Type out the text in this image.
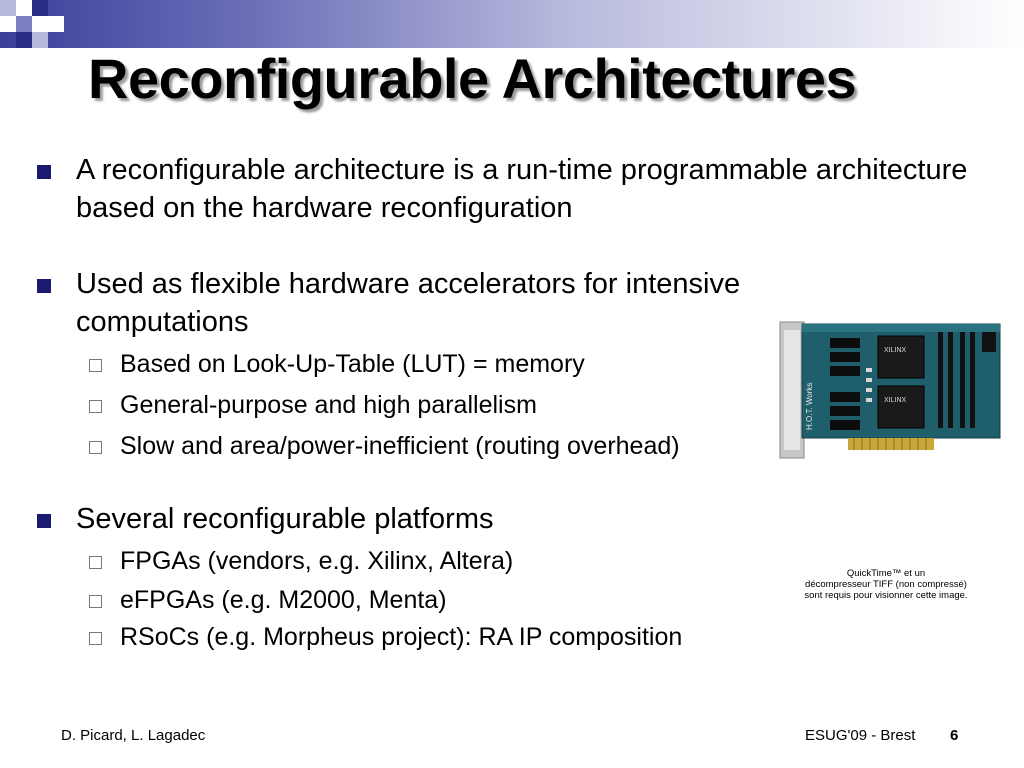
Reconfigurable Architectures
A reconfigurable architecture is a run-time programmable architecture based on the hardware reconfiguration
Used as flexible hardware accelerators for intensive computations
Based on Look-Up-Table (LUT) = memory
General-purpose and high parallelism
Slow and area/power-inefficient (routing overhead)
Several reconfigurable platforms
FPGAs (vendors, e.g. Xilinx, Altera)
eFPGAs (e.g. M2000, Menta)
RSoCs (e.g. Morpheus project): RA IP composition
XILINX
XILINX
H.O.T. Works
QuickTime™ et un
décompresseur TIFF (non compressé)
sont requis pour visionner cette image.
D. Picard, L. Lagadec	ESUG'09 - Brest 6
